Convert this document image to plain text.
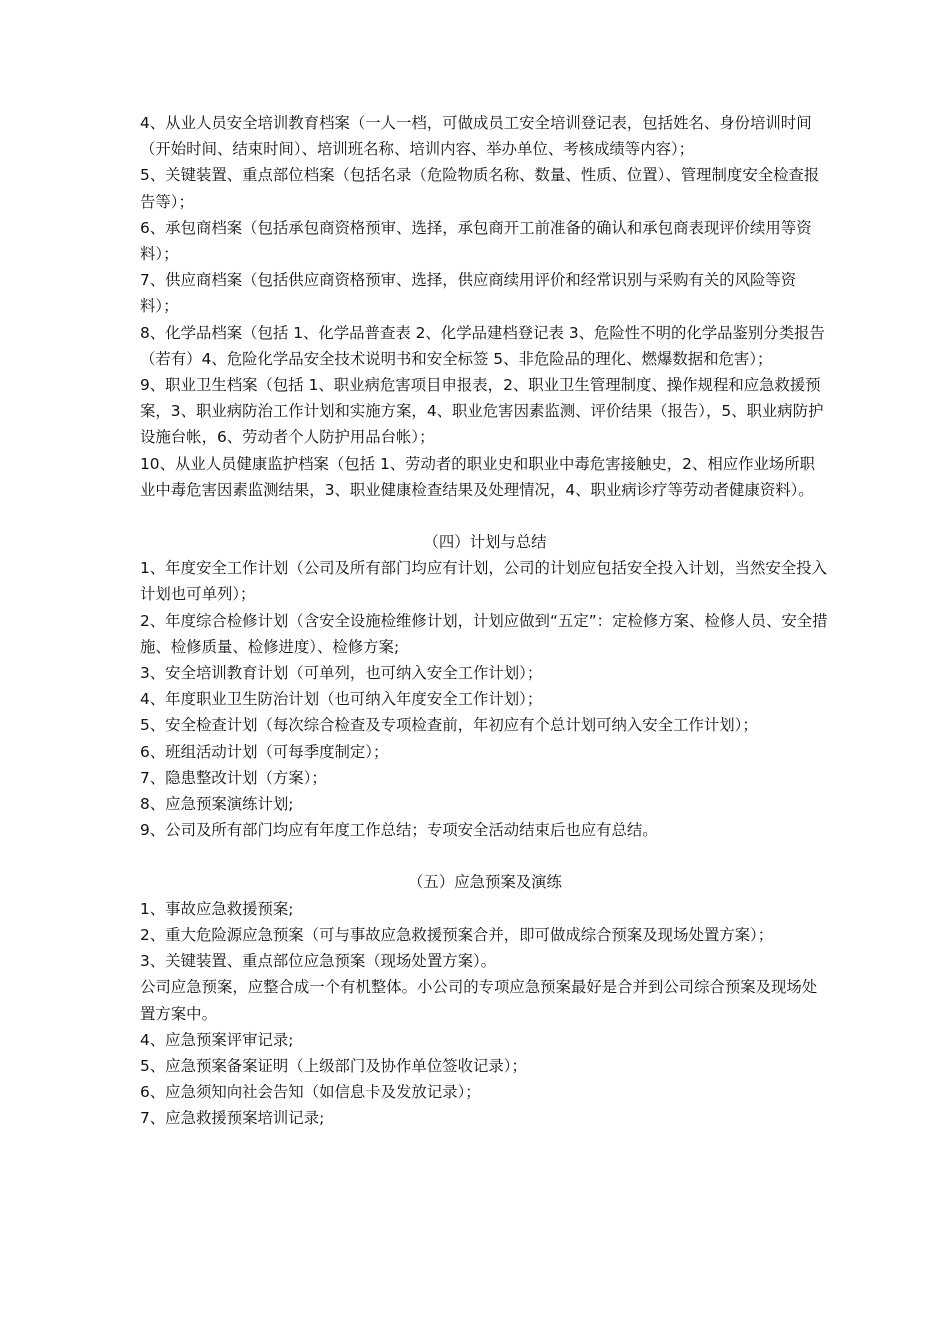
4、从业人员安全培训教育档案（一人一档，可做成员工安全培训登记表，包括姓名、身份培训时间（开始时间、结束时间）、培训班名称、培训内容、举办单位、考核成绩等内容）；

5、关键装置、重点部位档案（包括名录（危险物质名称、数量、性质、位置）、管理制度安全检查报告等）；

6、承包商档案（包括承包商资格预审、选择，承包商开工前准备的确认和承包商表现评价续用等资料）；

7、供应商档案（包括供应商资格预审、选择，供应商续用评价和经常识别与采购有关的风险等资料）；

8、化学品档案（包括 1、化学品普查表 2、化学品建档登记表 3、危险性不明的化学品鉴别分类报告（若有）4、危险化学品安全技术说明书和安全标签 5、非危险品的理化、燃爆数据和危害）；

9、职业卫生档案（包括 1、职业病危害项目申报表，2、职业卫生管理制度、操作规程和应急救援预案，3、职业病防治工作计划和实施方案，4、职业危害因素监测、评价结果（报告），5、职业病防护设施台帐，6、劳动者个人防护用品台帐）；

10、从业人员健康监护档案（包括 1、劳动者的职业史和职业中毒危害接触史，2、相应作业场所职业中毒危害因素监测结果，3、职业健康检查结果及处理情况，4、职业病诊疗等劳动者健康资料）。

（四）计划与总结

1、年度安全工作计划（公司及所有部门均应有计划，公司的计划应包括安全投入计划，当然安全投入计划也可单列）；

2、年度综合检修计划（含安全设施检维修计划，计划应做到“五定”：定检修方案、检修人员、安全措施、检修质量、检修进度）、检修方案;

3、安全培训教育计划（可单列，也可纳入安全工作计划）；

4、年度职业卫生防治计划（也可纳入年度安全工作计划）；

5、安全检查计划（每次综合检查及专项检查前，年初应有个总计划可纳入安全工作计划）；

6、班组活动计划（可每季度制定）；

7、隐患整改计划（方案）；

8、应急预案演练计划;

9、公司及所有部门均应有年度工作总结；专项安全活动结束后也应有总结。

（五）应急预案及演练

1、事故应急救援预案;

2、重大危险源应急预案（可与事故应急救援预案合并，即可做成综合预案及现场处置方案）；

3、关键装置、重点部位应急预案（现场处置方案）。

公司应急预案，应整合成一个有机整体。小公司的专项应急预案最好是合并到公司综合预案及现场处置方案中。

4、应急预案评审记录;

5、应急预案备案证明（上级部门及协作单位签收记录）；

6、应急须知向社会告知（如信息卡及发放记录）；

7、应急救援预案培训记录;
